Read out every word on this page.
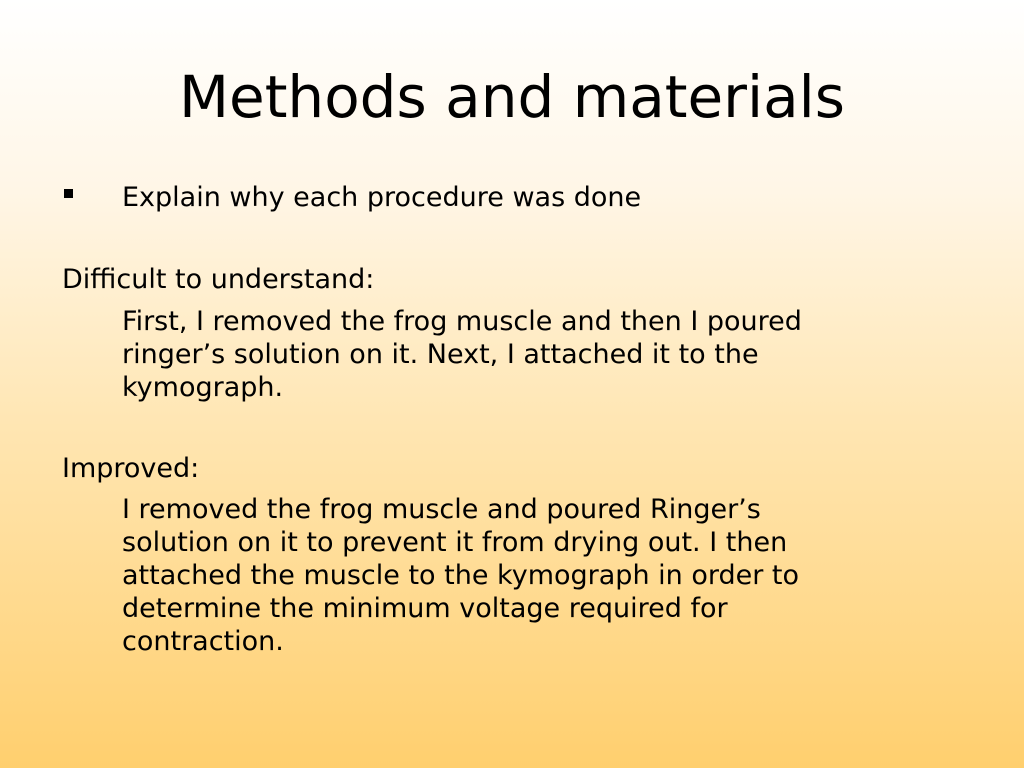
Methods and materials
Explain why each procedure was done
Difficult to understand:
First, I removed the frog muscle and then I poured
ringer’s solution on it. Next, I attached it to the
kymograph.
Improved:
I removed the frog muscle and poured Ringer’s
solution on it to prevent it from drying out. I then
attached the muscle to the kymograph in order to
determine the minimum voltage required for
contraction.
